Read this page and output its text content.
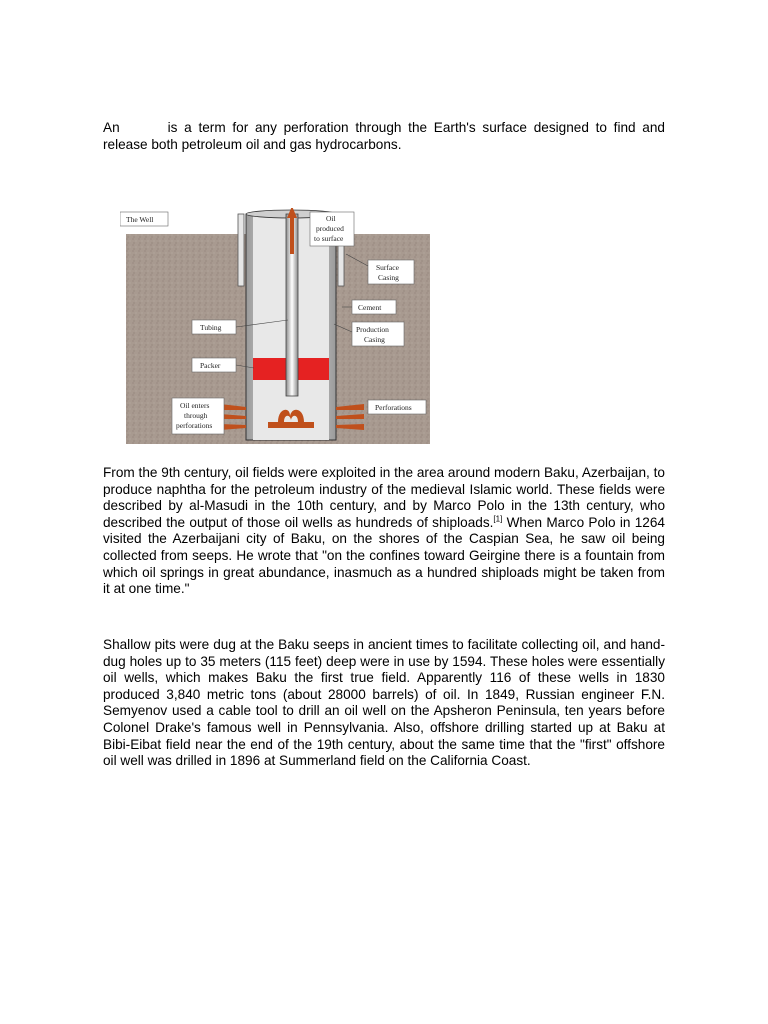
An	is a term for any perforation through the Earth's surface designed to find and release both petroleum oil and gas hydrocarbons.

The Well	Oil
produced
to surface
Surface
Casing
Cement
Tubing	Production
Casing
Packer
Oil enters
through
perforations
Perforations

From the 9th century, oil fields were exploited in the area around modern Baku, Azerbaijan, to produce naphtha for the petroleum industry of the medieval Islamic world. These fields were described by al-Masudi in the 10th century, and by Marco Polo in the 13th century, who described the output of those oil wells as hundreds of shiploads.[1] When Marco Polo in 1264 visited the Azerbaijani city of Baku, on the shores of the Caspian Sea, he saw oil being collected from seeps. He wrote that "on the confines toward Geirgine there is a fountain from which oil springs in great abundance, inasmuch as a hundred shiploads might be taken from it at one time."

Shallow pits were dug at the Baku seeps in ancient times to facilitate collecting oil, and hand-dug holes up to 35 meters (115 feet) deep were in use by 1594. These holes were essentially oil wells, which makes Baku the first true field. Apparently 116 of these wells in 1830 produced 3,840 metric tons (about 28000 barrels) of oil. In 1849, Russian engineer F.N. Semyenov used a cable tool to drill an oil well on the Apsheron Peninsula, ten years before Colonel Drake's famous well in Pennsylvania. Also, offshore drilling started up at Baku at Bibi-Eibat field near the end of the 19th century, about the same time that the "first" offshore oil well was drilled in 1896 at Summerland field on the California Coast.
